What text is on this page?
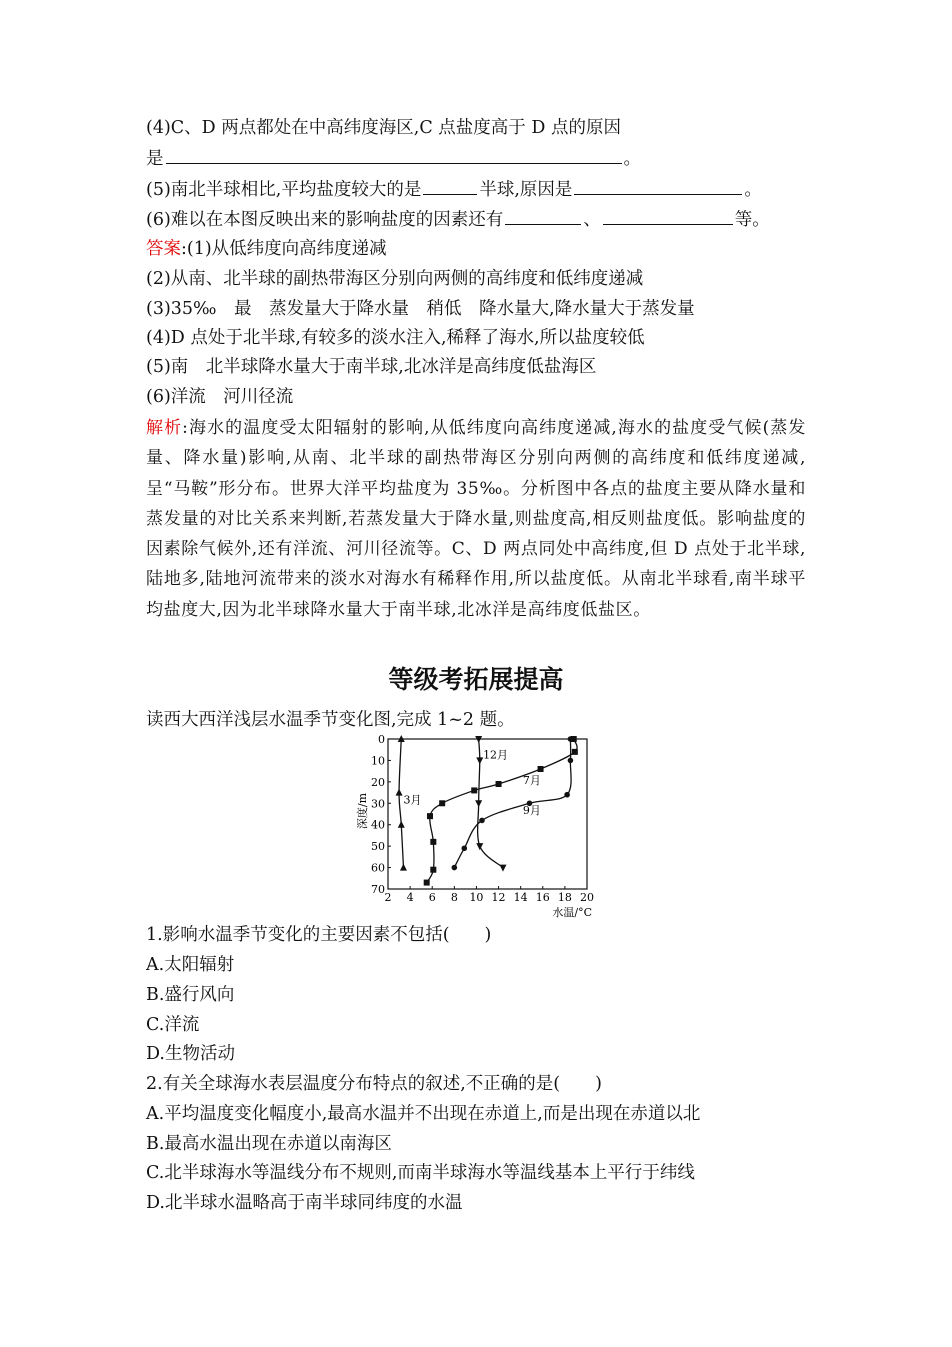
(4)C、D 两点都处在中高纬度海区,C 点盐度高于 D 点的原因
是	。
(5)南北半球相比,平均盐度较大的是	半球,原因是	。
(6)难以在本图反映出来的影响盐度的因素还有	、	等。
答案:(1)从低纬度向高纬度递减
(2)从南、北半球的副热带海区分别向两侧的高纬度和低纬度递减
(3)35‰　最　蒸发量大于降水量　稍低　降水量大,降水量大于蒸发量
(4)D 点处于北半球,有较多的淡水注入,稀释了海水,所以盐度较低
(5)南　北半球降水量大于南半球,北冰洋是高纬度低盐海区
(6)洋流　河川径流
解析:海水的温度受太阳辐射的影响,从低纬度向高纬度递减,海水的盐度受气候(蒸发量、降水量)影响,从南、北半球的副热带海区分别向两侧的高纬度和低纬度递减,呈“马鞍”形分布。世界大洋平均盐度为 35‰。分析图中各点的盐度主要从降水量和蒸发量的对比关系来判断,若蒸发量大于降水量,则盐度高,相反则盐度低。影响盐度的因素除气候外,还有洋流、河川径流等。C、D 两点同处中高纬度,但 D 点处于北半球,陆地多,陆地河流带来的淡水对海水有稀释作用,所以盐度低。从南北半球看,南半球平均盐度大,因为北半球降水量大于南半球,北冰洋是高纬度低盐区。
等级考拓展提高
读西大西洋浅层水温季节变化图,完成 1~2 题。
2 4 6 8 10 12 14 16 18 20
0
10
20
30
40
50
60
70
3月
12月
7月
9月
深度/m
水温/°C
1.影响水温季节变化的主要因素不包括(　　)
A.太阳辐射
B.盛行风向
C.洋流
D.生物活动
2.有关全球海水表层温度分布特点的叙述,不正确的是(　　)
A.平均温度变化幅度小,最高水温并不出现在赤道上,而是出现在赤道以北
B.最高水温出现在赤道以南海区
C.北半球海水等温线分布不规则,而南半球海水等温线基本上平行于纬线
D.北半球水温略高于南半球同纬度的水温
